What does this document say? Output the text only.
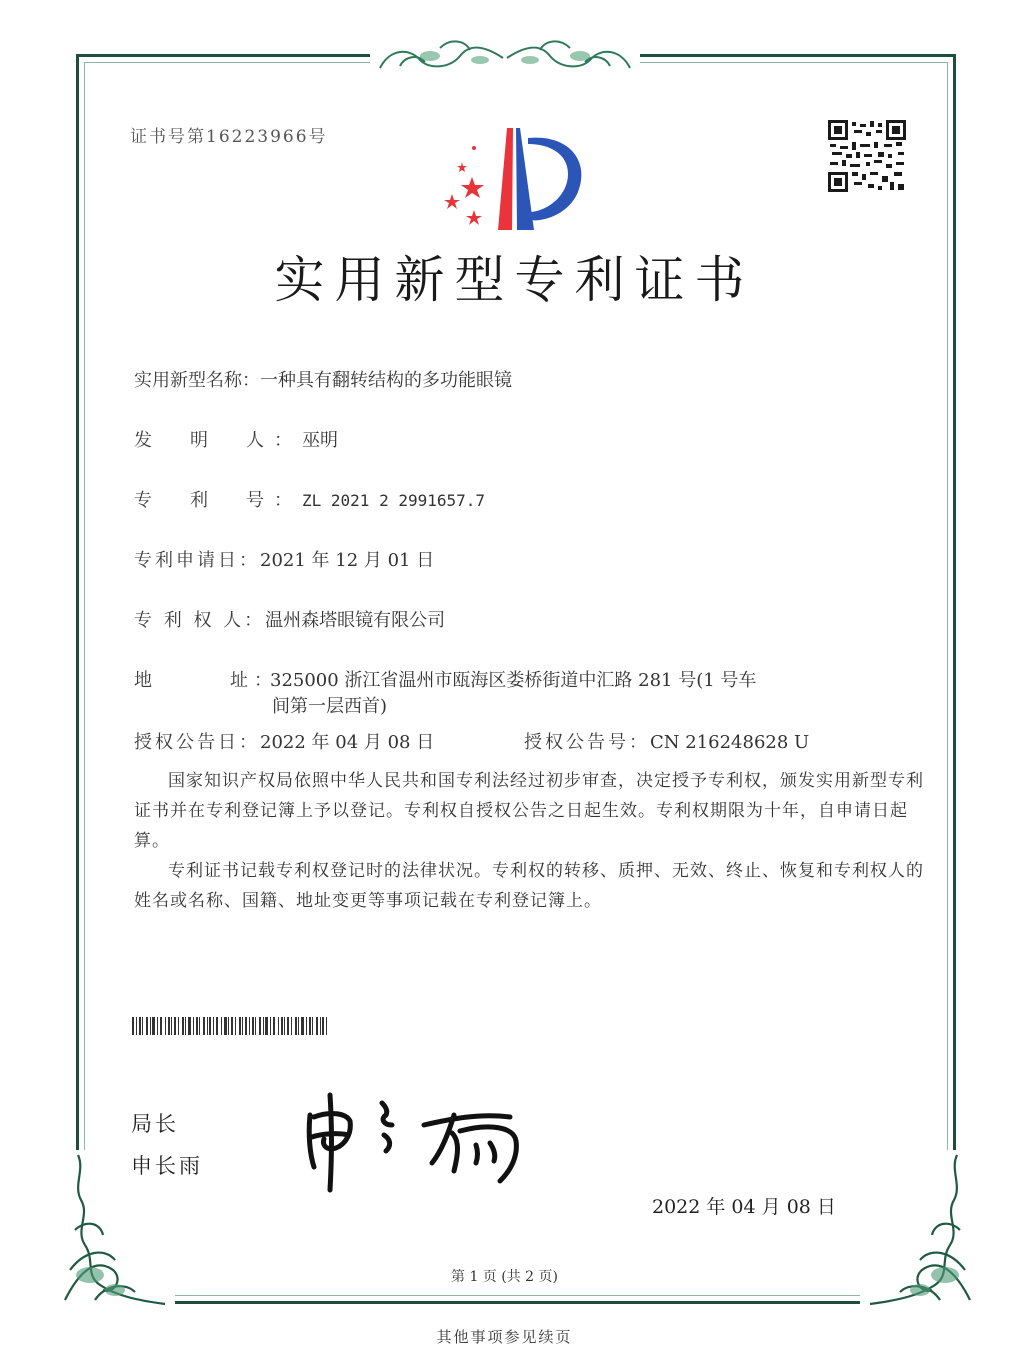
证书号第16223966号
实用新型专利证书
实用新型名称：一种具有翻转结构的多功能眼镜
发　明　人：巫明
专　利　号：ZL 2021 2 2991657.7
专利申请日：2021 年 12 月 01 日
专 利 权 人：温州森塔眼镜有限公司
地　　　址：325000 浙江省温州市瓯海区娄桥街道中汇路 281 号(1 号车
间第一层西首)
授权公告日：2022 年 04 月 08 日	授权公告号：CN 216248628 U
国家知识产权局依照中华人民共和国专利法经过初步审查，决定授予专利权，颁发实用新型专利证书并在专利登记簿上予以登记。专利权自授权公告之日起生效。专利权期限为十年，自申请日起算。
专利证书记载专利权登记时的法律状况。专利权的转移、质押、无效、终止、恢复和专利权人的姓名或名称、国籍、地址变更等事项记载在专利登记簿上。
局长
申长雨
2022 年 04 月 08 日
第 1 页 (共 2 页)
其他事项参见续页
